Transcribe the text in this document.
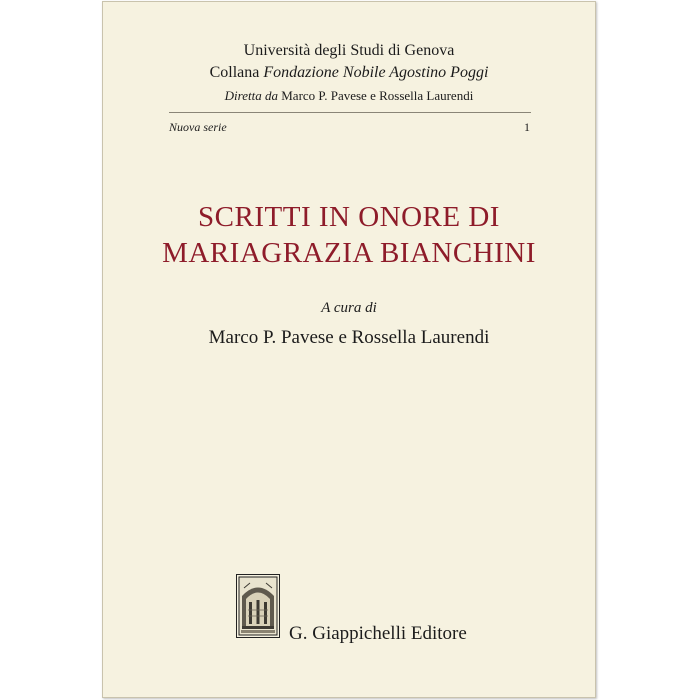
Università degli Studi di Genova
Collana Fondazione Nobile Agostino Poggi
Diretta da Marco P. Pavese e Rossella Laurendi
Nuova serie	1
SCRITTI IN ONORE DI
MARIAGRAZIA BIANCHINI
A cura di
Marco P. Pavese e Rossella Laurendi
G. Giappichelli Editore
